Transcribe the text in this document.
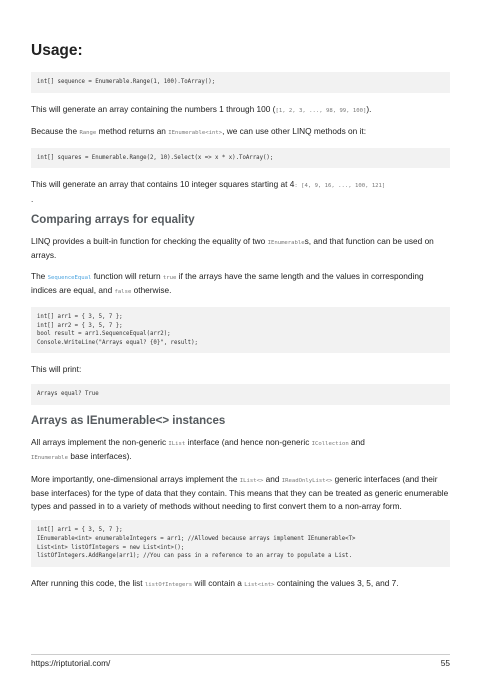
Usage:
int[] sequence = Enumerable.Range(1, 100).ToArray();

This will generate an array containing the numbers 1 through 100 ([1, 2, 3, ..., 98, 99, 100]).

Because the Range method returns an IEnumerable<int>, we can use other LINQ methods on it:

int[] squares = Enumerable.Range(2, 10).Select(x => x * x).ToArray();

This will generate an array that contains 10 integer squares starting at 4: [4, 9, 16, ..., 100, 121]
.

Comparing arrays for equality

LINQ provides a built-in function for checking the equality of two IEnumerables, and that function can be used on arrays.

The SequenceEqual function will return true if the arrays have the same length and the values in corresponding indices are equal, and false otherwise.

int[] arr1 = { 3, 5, 7 };
int[] arr2 = { 3, 5, 7 };
bool result = arr1.SequenceEqual(arr2);
Console.WriteLine("Arrays equal? {0}", result);

This will print:

Arrays equal? True
Arrays as IEnumerable<> instances

All arrays implement the non-generic IList interface (and hence non-generic ICollection and
IEnumerable base interfaces).

More importantly, one-dimensional arrays implement the IList<> and IReadOnlyList<> generic interfaces (and their base interfaces) for the type of data that they contain. This means that they can be treated as generic enumerable types and passed in to a variety of methods without needing to first convert them to a non-array form.

int[] arr1 = { 3, 5, 7 };
IEnumerable<int> enumerableIntegers = arr1; //Allowed because arrays implement IEnumerable<T>
List<int> listOfIntegers = new List<int>();
listOfIntegers.AddRange(arr1); //You can pass in a reference to an array to populate a List.

After running this code, the list listOfIntegers will contain a List<int> containing the values 3, 5, and 7.

https://riptutorial.com/	55
